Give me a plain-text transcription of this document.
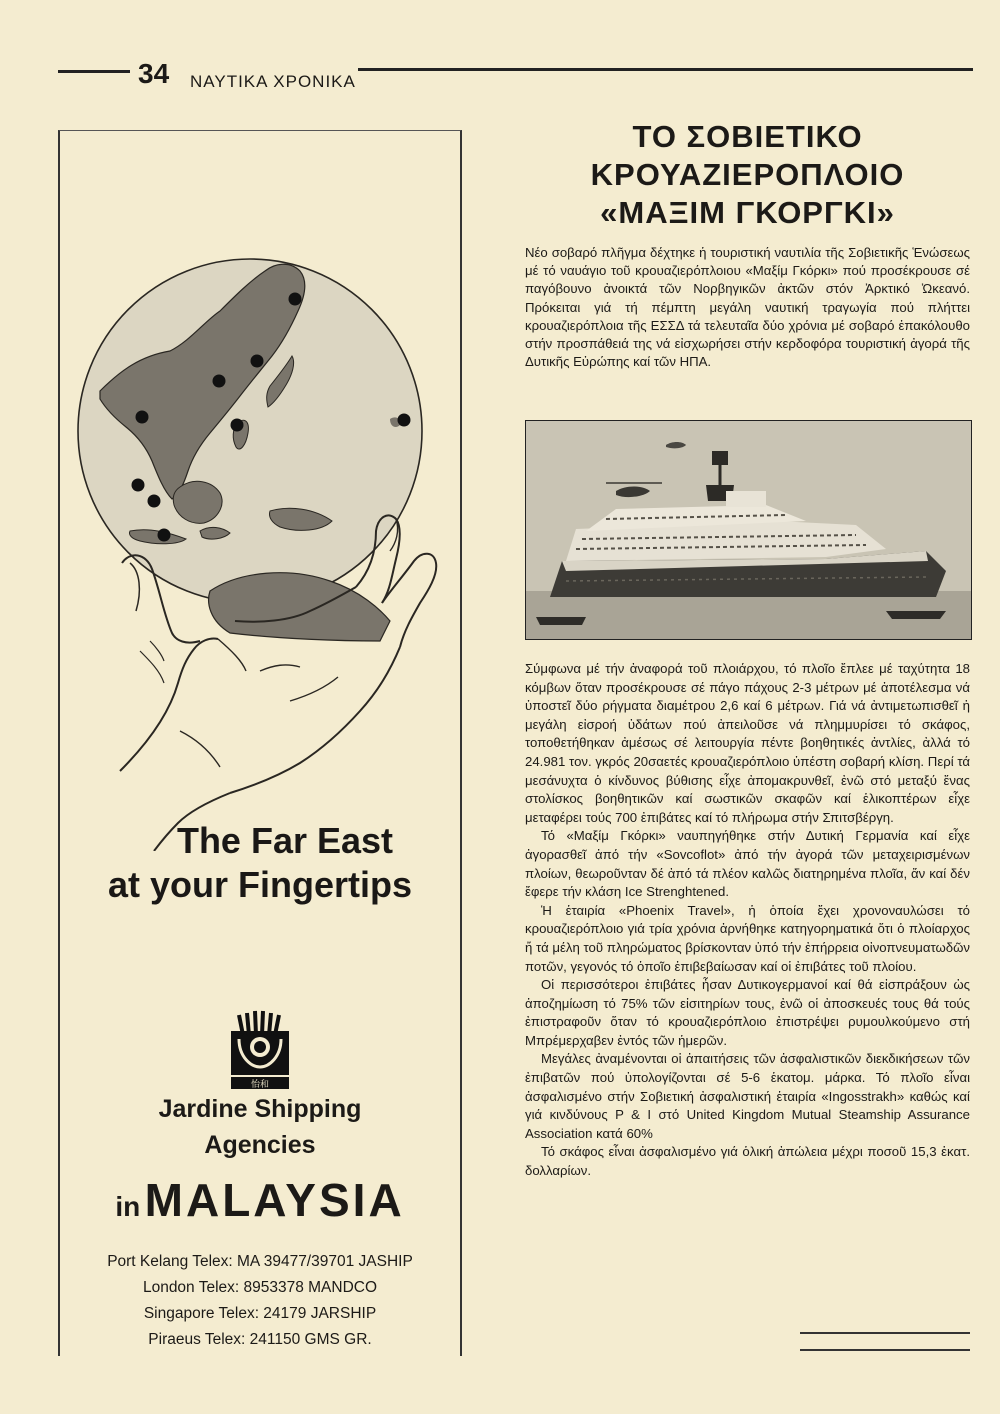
34 ΝΑΥΤΙΚΑ ΧΡΟΝΙΚΑ
The Far East
at your Fingertips
怡和
Jardine Shipping
Agencies
in MALAYSIA
Port Kelang Telex: MA 39477/39701 JASHIP
London Telex: 8953378 MANDCO
Singapore Telex: 24179 JARSHIP
Piraeus Telex: 241150 GMS GR.
ΤΟ ΣΟΒΙΕΤΙΚΟ
ΚΡΟΥΑΖΙΕΡΟΠΛΟΙΟ
«ΜΑΞΙΜ ΓΚΟΡΓΚΙ»
Νέο σοβαρό πλῆγμα δέχτηκε ἡ τουριστική ναυτιλία τῆς Σοβιετικῆς Ἑνώσεως μέ τό ναυάγιο τοῦ κρουαζιερόπλοιου «Μαξίμ Γκόρκι» πού προσέκρουσε σέ παγόβουνο ἀνοικτά τῶν Νορβηγικῶν ἀκτῶν στόν Ἀρκτικό Ὠκεανό. Πρόκειται γιά τή πέμπτη μεγάλη ναυτική τραγωγία πού πλήττει κρουαζιερόπλοια τῆς ΕΣΣΔ τά τελευταῖα δύο χρόνια μέ σοβαρό ἐπακόλουθο στήν προσπάθειά της νά εἰσχωρήσει στήν κερδοφόρα τουριστική ἀγορά τῆς Δυτικῆς Εὐρώπης καί τῶν ΗΠΑ.

Σύμφωνα μέ τήν ἀναφορά τοῦ πλοιάρχου, τό πλοῖο ἔπλεε μέ ταχύτητα 18 κόμβων ὅταν προσέκρουσε σέ πάγο πάχους 2-3 μέτρων μέ ἀποτέλεσμα νά ὑποστεῖ δύο ρήγματα διαμέτρου 2,6 καί 6 μέτρων. Γιά νά ἀντιμετωπισθεῖ ἡ μεγάλη εἰσροή ὑδάτων πού ἀπειλοῦσε νά πλημμυρίσει τό σκάφος, τοποθετήθηκαν ἀμέσως σέ λειτουργία πέντε βοηθητικές ἀντλίες, ἀλλά τό 24.981 τον. γκρός 20σαετές κρουαζιερόπλοιο ὑπέστη σοβαρή κλίση. Περί τά μεσάνυχτα ὁ κίνδυνος βύθισης εἶχε ἀπομακρυνθεῖ, ἐνῶ στό μεταξύ ἕνας στολίσκος βοηθητικῶν καί σωστικῶν σκαφῶν καί ἑλικοπτέρων εἶχε μεταφέρει τούς 700 ἐπιβάτες καί τό πλήρωμα στήν Σπιτσβέργη.

Τό «Μαξίμ Γκόρκι» ναυπηγήθηκε στήν Δυτική Γερμανία καί εἶχε ἀγορασθεῖ ἀπό τήν «Sovcoflot» ἀπό τήν ἀγορά τῶν μεταχειρισμένων πλοίων, θεωροῦνταν δέ ἀπό τά πλέον καλῶς διατηρημένα πλοῖα, ἄν καί δέν ἔφερε τήν κλάση Ice Strenghtened.

Ἡ ἑταιρία «Phoenix Travel», ἡ ὁποία ἔχει χρονοναυλώσει τό κρουαζιερόπλοιο γιά τρία χρόνια ἀρνήθηκε κατηγορηματικά ὅτι ὁ πλοίαρχος ἤ τά μέλη τοῦ πληρώματος βρίσκονταν ὑπό τήν ἐπήρρεια οἰνοπνευματωδῶν ποτῶν, γεγονός τό ὁποῖο ἐπιβεβαίωσαν καί οἱ ἐπιβάτες τοῦ πλοίου.

Οἱ περισσότεροι ἐπιβάτες ἦσαν Δυτικογερμανοί καί θά εἰσπράξουν ὡς ἀποζημίωση τό 75% τῶν εἰσιτηρίων τους, ἐνῶ οἱ ἀποσκευές τους θά τούς ἐπιστραφοῦν ὅταν τό κρουαζιερόπλοιο ἐπιστρέψει ρυμουλκούμενο στή Μπρέμερχαβεν ἐντός τῶν ἡμερῶν.

Μεγάλες ἀναμένονται οἱ ἀπαιτήσεις τῶν ἀσφαλιστικῶν διεκδικήσεων τῶν ἐπιβατῶν πού ὑπολογίζονται σέ 5-6 ἑκατομ. μάρκα. Τό πλοῖο εἶναι ἀσφαλισμένο στήν Σοβιετική ἀσφαλιστική ἑταιρία «Ingosstrakh» καθώς καί γιά κινδύνους P & I στό United Kingdom Mutual Steamship Assurance Association κατά 60%

Τό σκάφος εἶναι ἀσφαλισμένο γιά ὁλική ἀπώλεια μέχρι ποσοῦ 15,3 ἑκατ. δολλαρίων.
